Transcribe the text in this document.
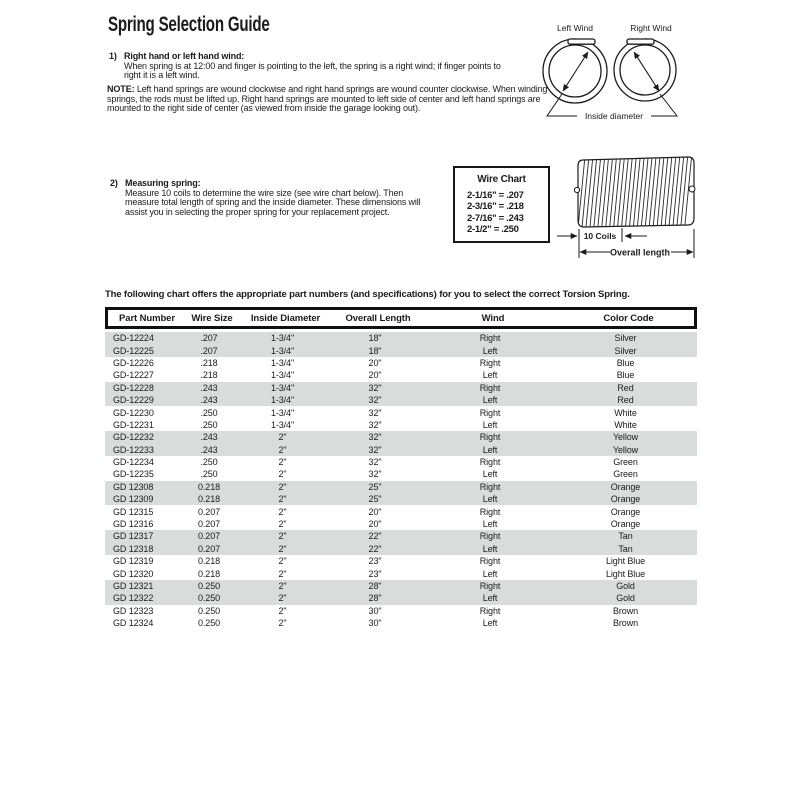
Spring Selection Guide
1) Right hand or left hand wind:
When spring is at 12:00 and finger is pointing to the left, the spring is a right wind; if finger points to
right it is a left wind.

NOTE: Left hand springs are wound clockwise and right hand springs are wound counter clockwise. When winding
springs, the rods must be lifted up. Right hand springs are mounted to left side of center and left hand springs are
mounted to the right side of center (as viewed from inside the garage looking out).

Left Wind	Right Wind
Inside diameter
2) Measuring spring:
Measure 10 coils to determine the wire size (see wire chart below). Then
measure total length of spring and the inside diameter. These dimensions will
assist you in selecting the proper spring for your replacement project.
Wire Chart
2-1/16" = .207
2-3/16" = .218
2-7/16" = .243
2-1/2" = .250
10 Coils
Overall length
The following chart offers the appropriate part numbers (and specifications) for you to select the correct Torsion Spring.
Part Number	Wire Size	Inside Diameter	Overall Length	Wind	Color Code
GD-12224	.207	1-3/4"	18"	Right	Silver
GD-12225	.207	1-3/4"	18"	Left	Silver
GD-12226	.218	1-3/4"	20"	Right	Blue
GD-12227	.218	1-3/4"	20"	Left	Blue
GD-12228	.243	1-3/4"	32"	Right	Red
GD-12229	.243	1-3/4"	32"	Left	Red
GD-12230	.250	1-3/4"	32"	Right	White
GD-12231	.250	1-3/4"	32"	Left	White
GD-12232	.243	2"	32"	Right	Yellow
GD-12233	.243	2"	32"	Left	Yellow
GD-12234	.250	2"	32"	Right	Green
GD-12235	.250	2"	32"	Left	Green
GD 12308	0.218	2"	25"	Right	Orange
GD 12309	0.218	2"	25"	Left	Orange
GD 12315	0.207	2"	20"	Right	Orange
GD 12316	0.207	2"	20"	Left	Orange
GD 12317	0.207	2"	22"	Right	Tan
GD 12318	0.207	2"	22"	Left	Tan
GD 12319	0.218	2"	23"	Right	Light Blue
GD 12320	0.218	2"	23"	Left	Light Blue
GD 12321	0.250	2"	28"	Right	Gold
GD 12322	0.250	2"	28"	Left	Gold
GD 12323	0.250	2"	30"	Right	Brown
GD 12324	0.250	2"	30"	Left	Brown
